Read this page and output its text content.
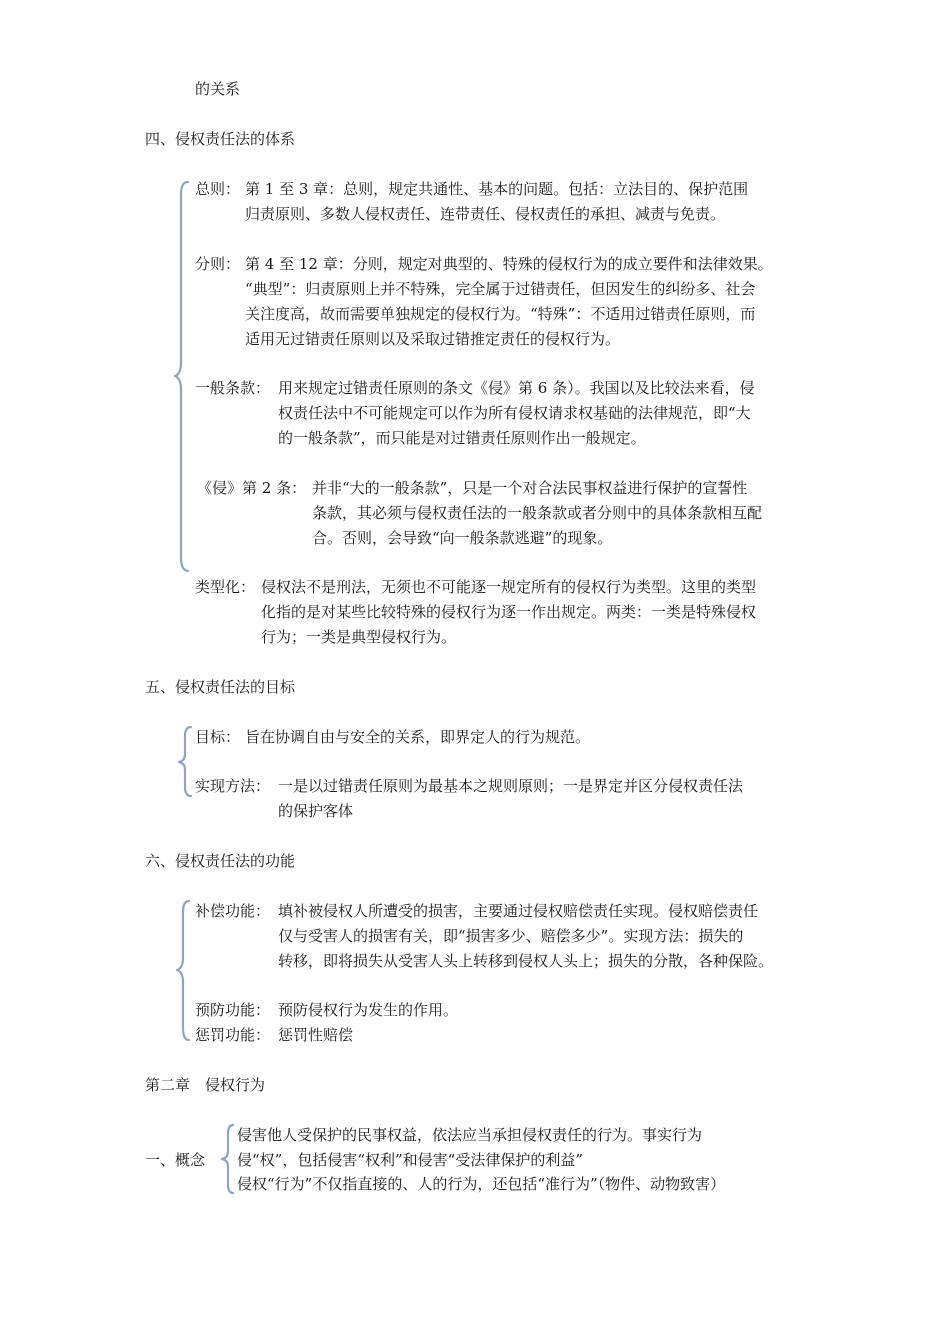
的关系
四、侵权责任法的体系
总则： 第 1 至 3 章：总则，规定共通性、基本的问题。包括：立法目的、保护范围
归责原则、多数人侵权责任、连带责任、侵权责任的承担、减责与免责。
分则： 第 4 至 12 章：分则，规定对典型的、特殊的侵权行为的成立要件和法律效果。
“典型”：归责原则上并不特殊，完全属于过错责任，但因发生的纠纷多、社会
关注度高，故而需要单独规定的侵权行为。“特殊”：不适用过错责任原则，而
适用无过错责任原则以及采取过错推定责任的侵权行为。
一般条款： 用来规定过错责任原则的条文《侵》第 6 条）。我国以及比较法来看，侵
权责任法中不可能规定可以作为所有侵权请求权基础的法律规范，即“大
的一般条款”，而只能是对过错责任原则作出一般规定。
《侵》第 2 条： 并非“大的一般条款”，只是一个对合法民事权益进行保护的宣誓性
条款，其必须与侵权责任法的一般条款或者分则中的具体条款相互配
合。否则，会导致“向一般条款逃避”的现象。
类型化： 侵权法不是刑法，无须也不可能逐一规定所有的侵权行为类型。这里的类型
化指的是对某些比较特殊的侵权行为逐一作出规定。两类：一类是特殊侵权
行为；一类是典型侵权行为。
五、侵权责任法的目标
目标： 旨在协调自由与安全的关系，即界定人的行为规范。
实现方法： 一是以过错责任原则为最基本之规则原则；一是界定并区分侵权责任法
的保护客体
六、侵权责任法的功能
补偿功能： 填补被侵权人所遭受的损害，主要通过侵权赔偿责任实现。侵权赔偿责任
仅与受害人的损害有关，即“损害多少、赔偿多少”。实现方法：损失的
转移，即将损失从受害人头上转移到侵权人头上；损失的分散，各种保险。
预防功能： 预防侵权行为发生的作用。
惩罚功能： 惩罚性赔偿
第二章　侵权行为
一、概念
侵害他人受保护的民事权益，依法应当承担侵权责任的行为。事实行为
侵“权”，包括侵害“权利”和侵害“受法律保护的利益”
侵权“行为”不仅指直接的、人的行为，还包括“准行为”（物件、动物致害）
